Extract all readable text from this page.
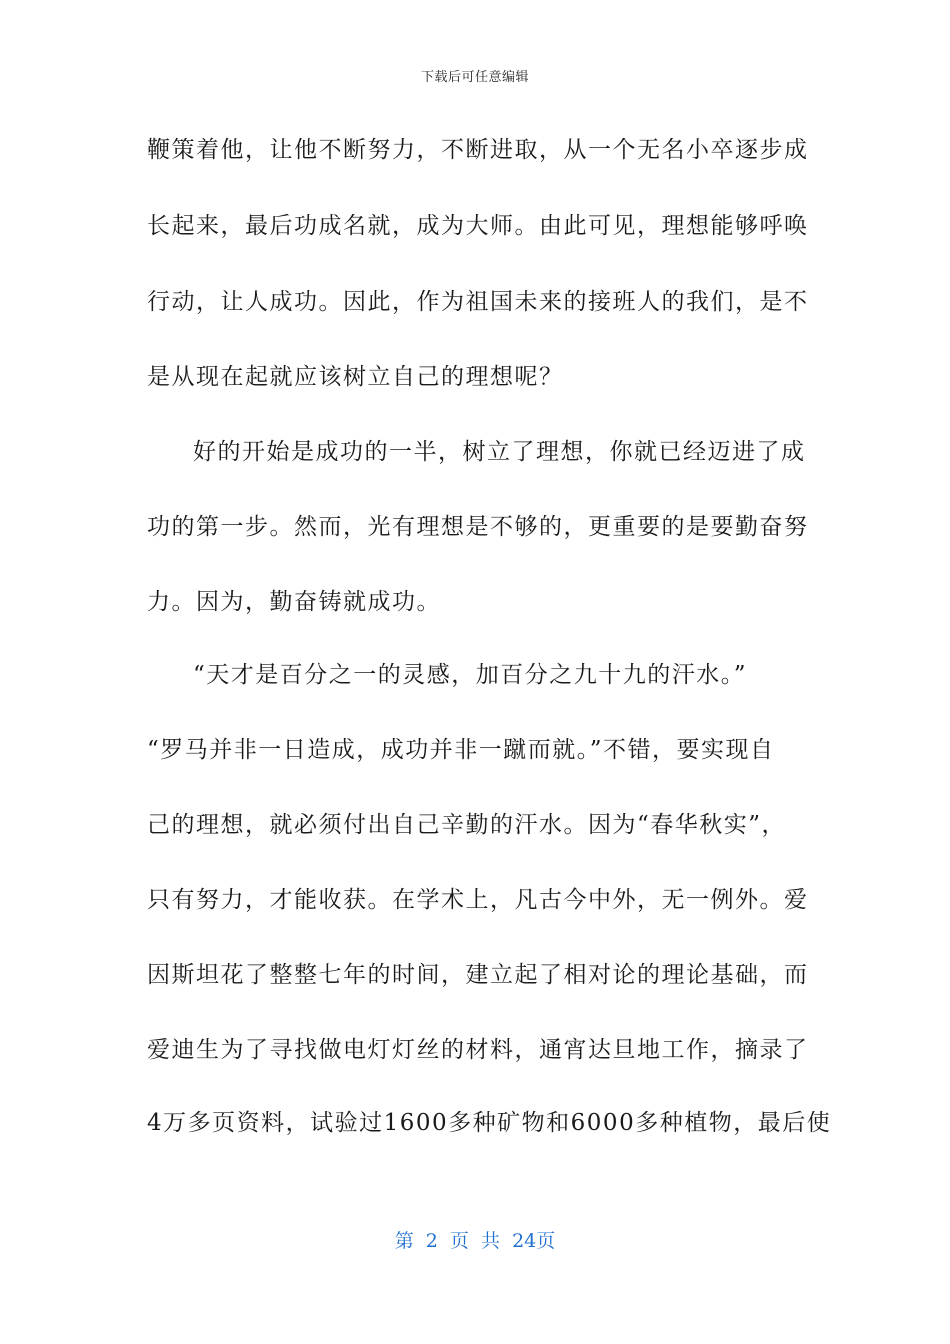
下载后可任意编辑
鞭策着他，让他不断努力，不断进取，从一个无名小卒逐步成
长起来，最后功成名就，成为大师。由此可见，理想能够呼唤
行动，让人成功。因此，作为祖国未来的接班人的我们，是不
是从现在起就应该树立自己的理想呢？
好的开始是成功的一半，树立了理想，你就已经迈进了成
功的第一步。然而，光有理想是不够的，更重要的是要勤奋努
力。因为，勤奋铸就成功。
“天才是百分之一的灵感，加百分之九十九的汗水。”
“罗马并非一日造成，成功并非一蹴而就。”不错，要实现自
己的理想，就必须付出自己辛勤的汗水。因为“春华秋实”，
只有努力，才能收获。在学术上，凡古今中外，无一例外。爱
因斯坦花了整整七年的时间，建立起了相对论的理论基础，而
爱迪生为了寻找做电灯灯丝的材料，通宵达旦地工作，摘录了
4万多页资料，试验过1600多种矿物和6000多种植物，最后使
第 2 页 共 24页
